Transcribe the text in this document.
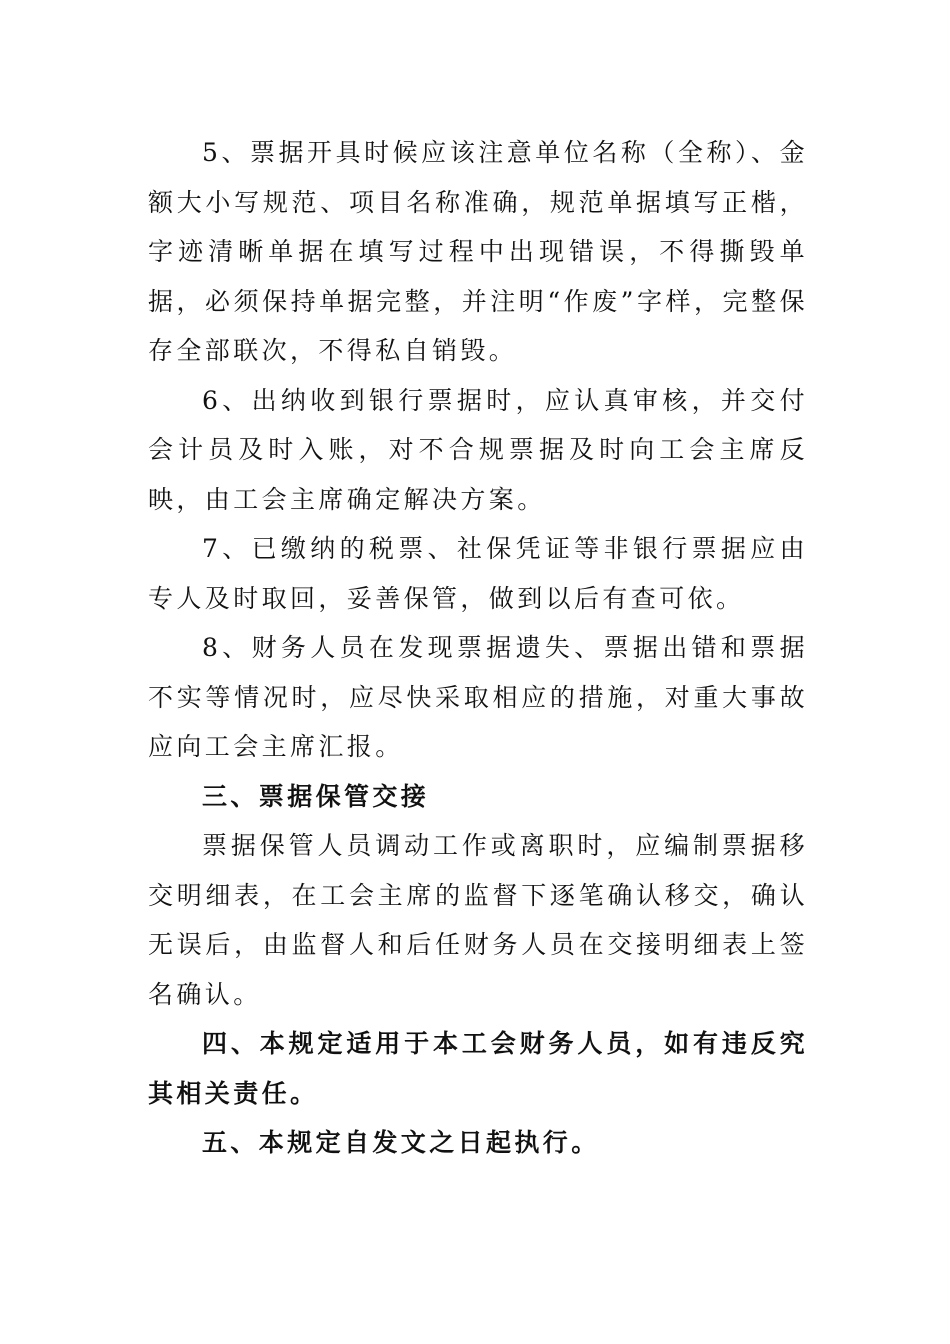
5、票据开具时候应该注意单位名称（全称）、金额大小写规范、项目名称准确，规范单据填写正楷，字迹清晰单据在填写过程中出现错误，不得撕毁单据，必须保持单据完整，并注明“作废”字样，完整保存全部联次，不得私自销毁。

6、出纳收到银行票据时，应认真审核，并交付会计员及时入账，对不合规票据及时向工会主席反映，由工会主席确定解决方案。

7、已缴纳的税票、社保凭证等非银行票据应由专人及时取回，妥善保管，做到以后有查可依。

8、财务人员在发现票据遗失、票据出错和票据不实等情况时，应尽快采取相应的措施，对重大事故应向工会主席汇报。

三、票据保管交接

票据保管人员调动工作或离职时，应编制票据移交明细表，在工会主席的监督下逐笔确认移交，确认无误后，由监督人和后任财务人员在交接明细表上签名确认。

四、本规定适用于本工会财务人员，如有违反究其相关责任。

五、本规定自发文之日起执行。
